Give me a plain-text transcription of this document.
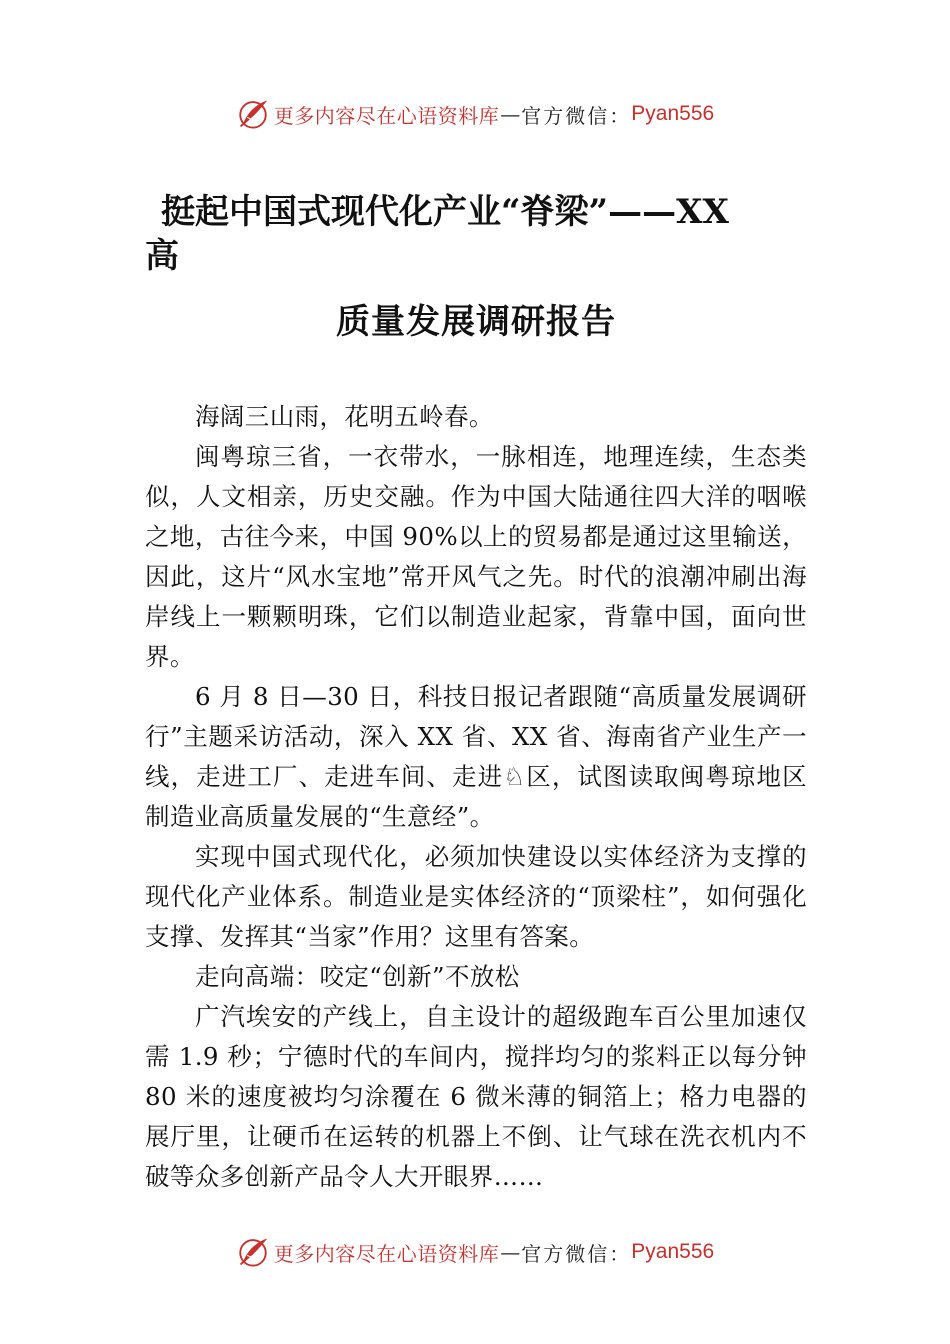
更多内容尽在心语资料库 — 官方微信： Pyan556
挺起中国式现代化产业“脊梁”——XX
高
质量发展调研报告

海阔三山雨，花明五岭春。

闽粤琼三省，一衣带水，一脉相连，地理连续，生态类似，人文相亲，历史交融。作为中国大陆通往四大洋的咽喉之地，古往今来，中国 90%以上的贸易都是通过这里输送，因此，这片“风水宝地”常开风气之先。时代的浪潮冲刷出海岸线上一颗颗明珠，它们以制造业起家，背靠中国，面向世界。

6 月 8 日—30 日，科技日报记者跟随“高质量发展调研行”主题采访活动，深入 XX 省、XX 省、海南省产业生产一线，走进工厂、走进车间、走进♘区，试图读取闽粤琼地区制造业高质量发展的“生意经”。

实现中国式现代化，必须加快建设以实体经济为支撑的现代化产业体系。制造业是实体经济的“顶梁柱”，如何强化支撑、发挥其“当家”作用？这里有答案。

走向高端：咬定“创新”不放松

广汽埃安的产线上，自主设计的超级跑车百公里加速仅需 1.9 秒；宁德时代的车间内，搅拌均匀的浆料正以每分钟 80 米的速度被均匀涂覆在 6 微米薄的铜箔上；格力电器的展厅里，让硬币在运转的机器上不倒、让气球在洗衣机内不破等众多创新产品令人大开眼界……

更多内容尽在心语资料库 — 官方微信： Pyan556
